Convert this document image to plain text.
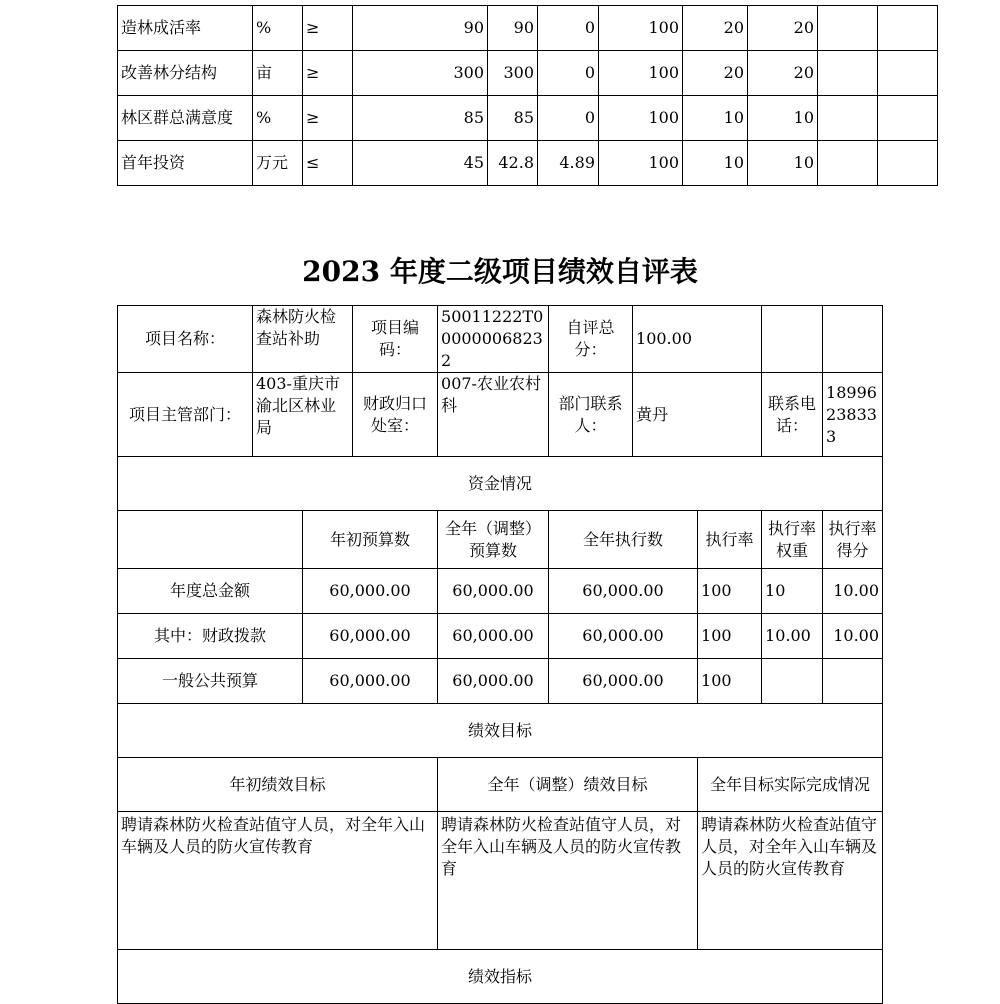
造林成活率	%	≥	90	90	0	100	20	20		
改善林分结构	亩	≥	300	300	0	100	20	20		
林区群总满意度	%	≥	85	85	0	100	10	10		
首年投资	万元	≤	45	42.8	4.89	100	10	10		
2023 年度二级项目绩效自评表
项目名称：	森林防火检查站补助		项目编码：	50011222T000000068232	自评总分：	100.00			
项目主管部门：	403-重庆市渝北区林业局		财政归口处室：	007-农业农村科	部门联系人：	黄丹		联系电话：	18996238333
资金情况									
		年初预算数		全年（调整）预算数	全年执行数		执行率	执行率权重	执行率得分
年度总金额		60,000.00		60,000.00	60,000.00		100	10	10.00
其中：财政拨款		60,000.00		60,000.00	60,000.00		100	10.00	10.00
一般公共预算		60,000.00		60,000.00	60,000.00		100		
绩效目标									
年初绩效目标				全年（调整）绩效目标			全年目标实际完成情况		
聘请森林防火检查站值守人员，对全年入山车辆及人员的防火宣传教育				聘请森林防火检查站值守人员，对全年入山车辆及人员的防火宣传教育			聘请森林防火检查站值守人员，对全年入山车辆及人员的防火宣传教育		
绩效指标									
